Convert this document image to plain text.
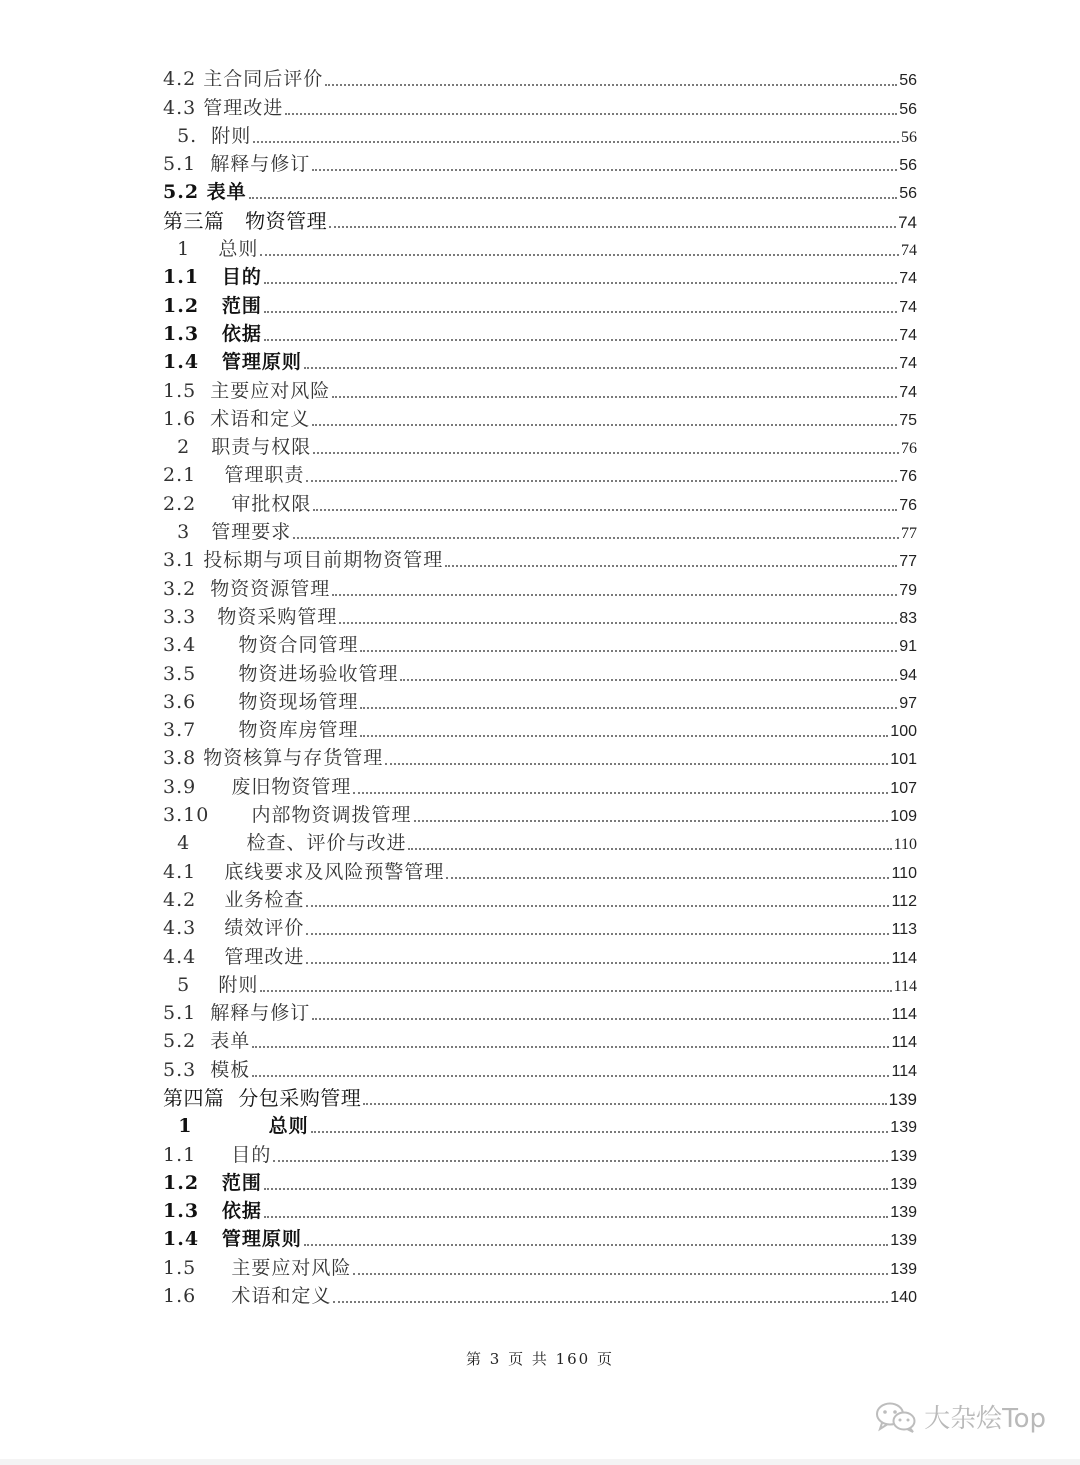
4.2 主合同后评价	56
4.3 管理改进	56
5.  附则	56
5.1  解释与修订	56
5.2 表单	56
第三篇   物资管理	74
1    总则	74
1.1   目的	74
1.2   范围	74
1.3   依据	74
1.4   管理原则	74
1.5  主要应对风险	74
1.6  术语和定义	75
2   职责与权限	76
2.1    管理职责	76
2.2     审批权限	76
3   管理要求	77
3.1 投标期与项目前期物资管理	77
3.2  物资资源管理	79
3.3   物资采购管理	83
3.4      物资合同管理	91
3.5      物资进场验收管理	94
3.6      物资现场管理	97
3.7      物资库房管理	100
3.8 物资核算与存货管理	101
3.9     废旧物资管理	107
3.10      内部物资调拨管理	109
4        检查、评价与改进	110
4.1    底线要求及风险预警管理	110
4.2    业务检查	112
4.3    绩效评价	113
4.4    管理改进	114
5    附则	114
5.1  解释与修订	114
5.2  表单	114
5.3  模板	114
第四篇  分包采购管理	139
1          总则	139
1.1     目的	139
1.2   范围	139
1.3   依据	139
1.4   管理原则	139
1.5     主要应对风险	139
1.6     术语和定义	140
第 3 页 共 160 页
大杂烩Top
